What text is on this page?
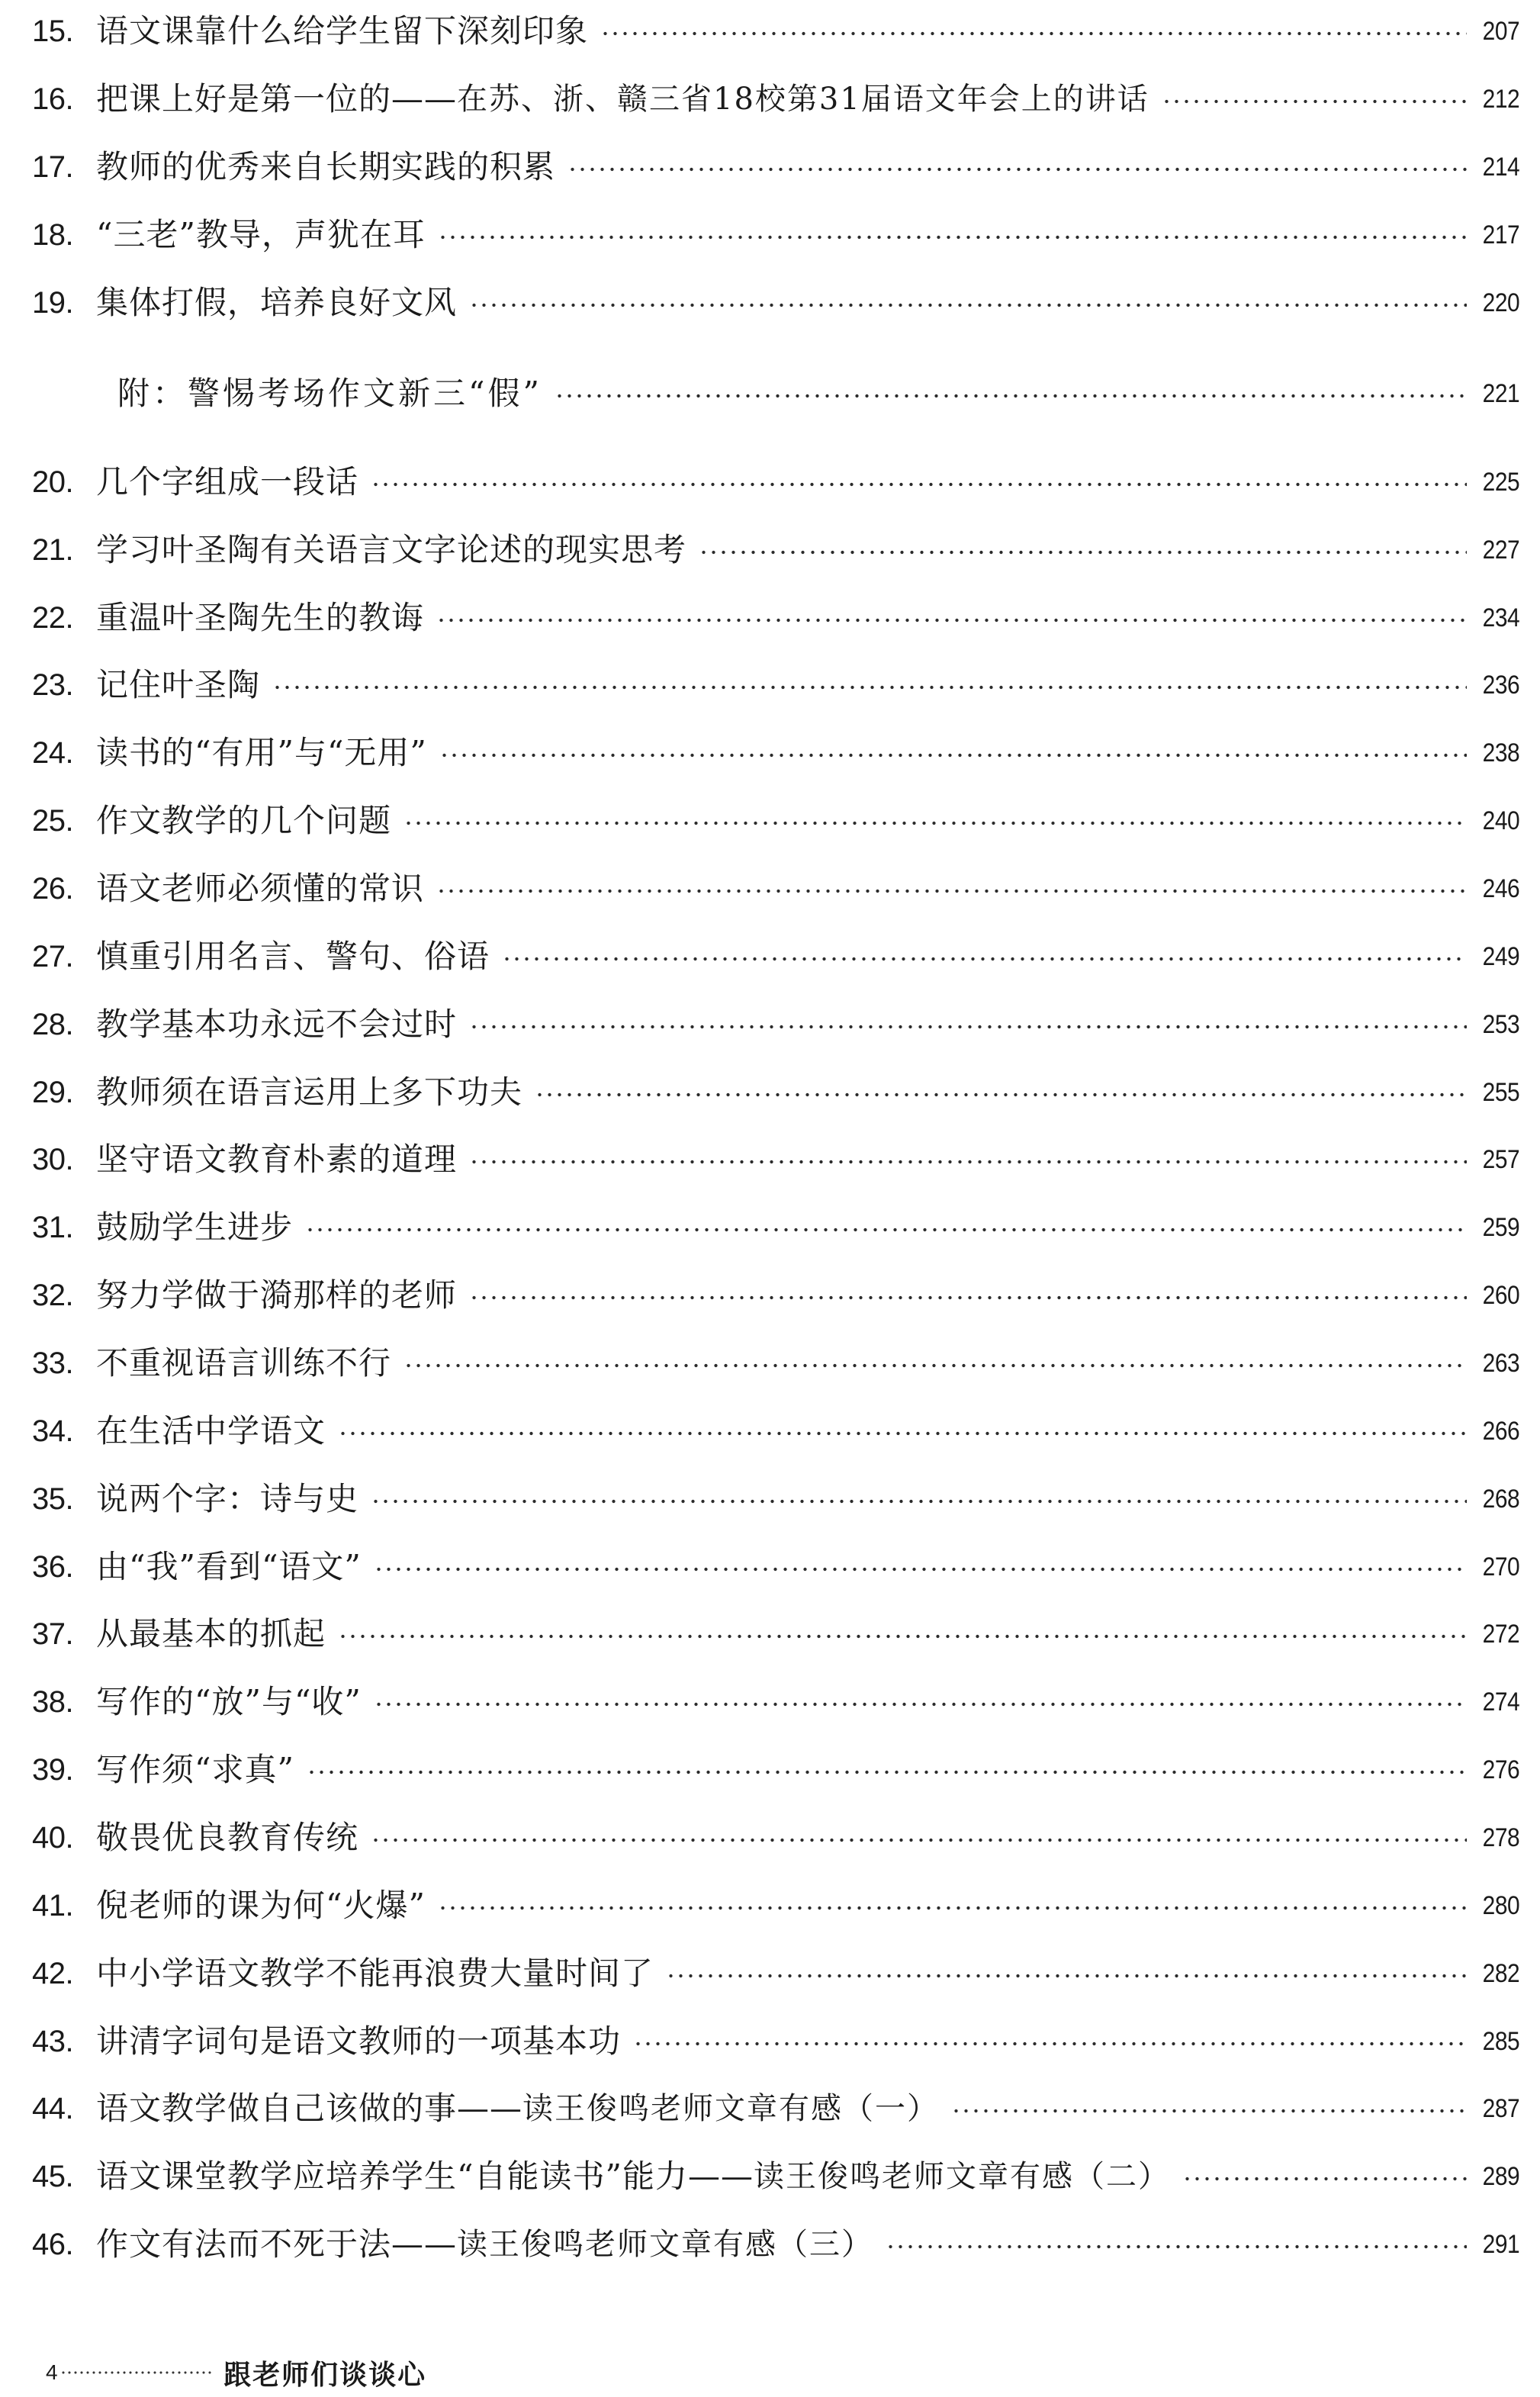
15. 语文课靠什么给学生留下深刻印象	207
16. 把课上好是第一位的—— 在苏、浙、赣三省18校第31届语文年会上的讲话	212
17. 教师的优秀来自长期实践的积累	214
18. “三老”教导，声犹在耳	217
19. 集体打假，培养良好文风	220
附：警惕考场作文新三“假”	221
20. 几个字组成一段话	225
21. 学习叶圣陶有关语言文字论述的现实思考	227
22. 重温叶圣陶先生的教诲	234
23. 记住叶圣陶	236
24. 读书的“有用”与“无用”	238
25. 作文教学的几个问题	240
26. 语文老师必须懂的常识	246
27. 慎重引用名言、警句、俗语	249
28. 教学基本功永远不会过时	253
29. 教师须在语言运用上多下功夫	255
30. 坚守语文教育朴素的道理	257
31. 鼓励学生进步	259
32. 努力学做于漪那样的老师	260
33. 不重视语言训练不行	263
34. 在生活中学语文	266
35. 说两个字：诗与史	268
36. 由“我”看到“语文”	270
37. 从最基本的抓起	272
38. 写作的“放”与“收”	274
39. 写作须“求真”	276
40. 敬畏优良教育传统	278
41. 倪老师的课为何“火爆”	280
42. 中小学语文教学不能再浪费大量时间了	282
43. 讲清字词句是语文教师的一项基本功	285
44. 语文教学做自己该做的事—— 读王俊鸣老师文章有感（一）	287
45. 语文课堂教学应培养学生“自能读书”能力—— 读王俊鸣老师文章有感（二）	289
46. 作文有法而不死于法—— 读王俊鸣老师文章有感（三）	291
4	跟老师们谈谈心
